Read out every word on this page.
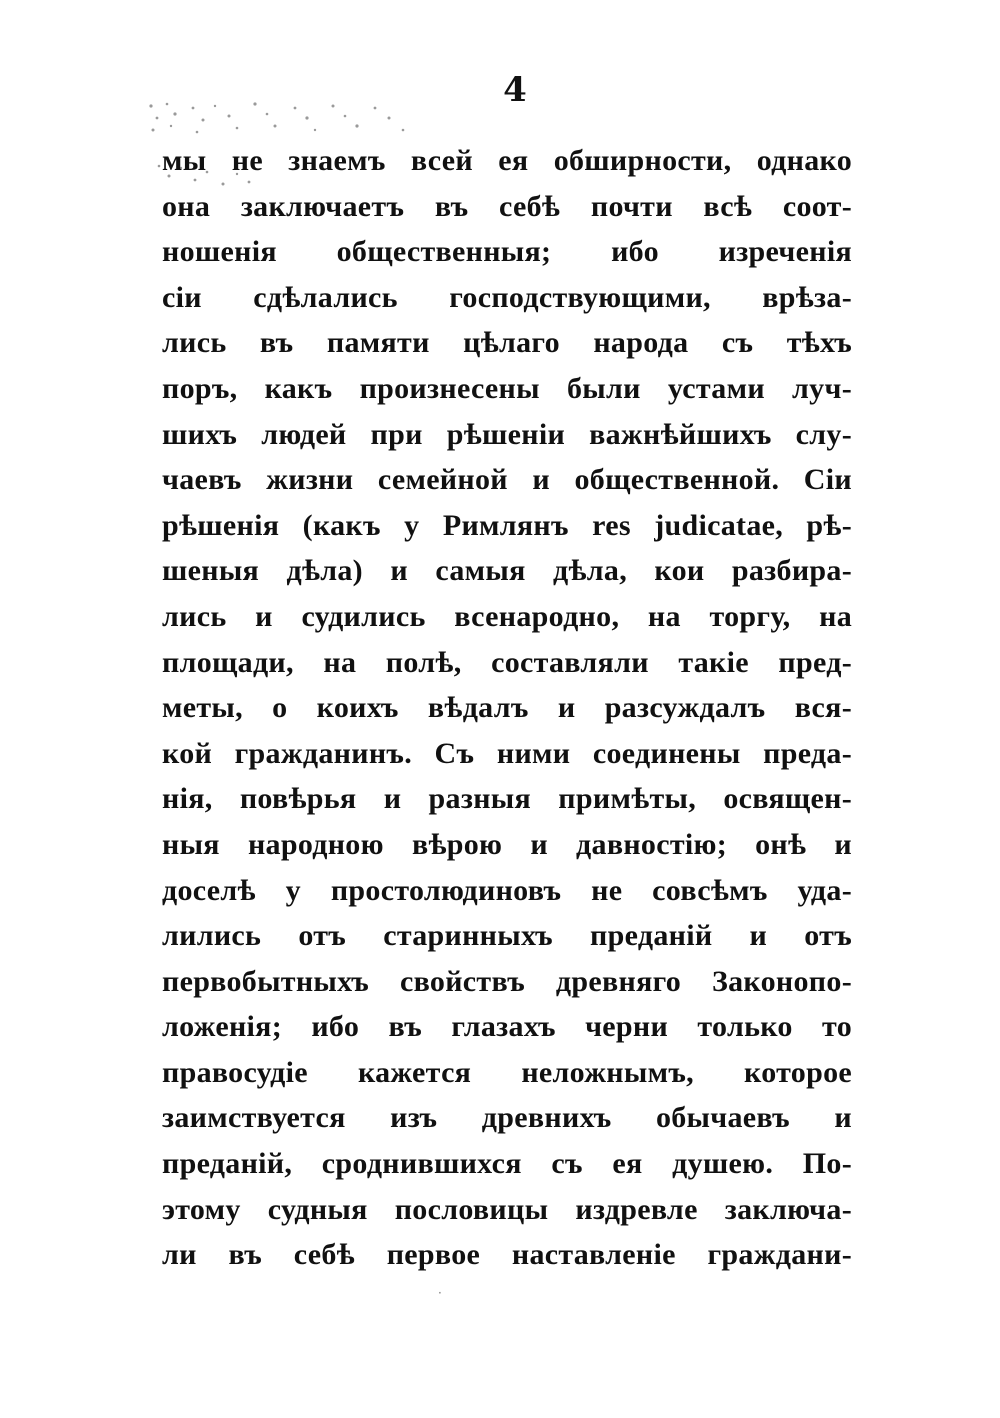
4
мы не знаемъ всей ея обширности, однако
она заключаетъ въ себѣ почти всѣ соот-
ношенія общественныя; ибо изреченія
сіи сдѣлались господствующими, врѣза-
лись въ памяти цѣлаго народа съ тѣхъ
поръ, какъ произнесены были устами луч-
шихъ людей при рѣшеніи важнѣйшихъ слу-
чаевъ жизни семейной и общественной. Сіи
рѣшенія (какъ у Римлянъ res judicatae, рѣ-
шеныя дѣла) и самыя дѣла, кои разбира-
лись и судились всенародно, на торгу, на
площади, на полѣ, составляли такіе пред-
меты, о коихъ вѣдалъ и разсуждалъ вся-
кой гражданинъ. Съ ними соединены преда-
нія, повѣрья и разныя примѣты, освящен-
ныя народною вѣрою и давностію; онѣ и
доселѣ у простолюдиновъ не совсѣмъ уда-
лились отъ старинныхъ преданій и отъ
первобытныхъ свойствъ древняго Законопо-
ложенія; ибо въ глазахъ черни только то
правосудіе кажется неложнымъ, которое
заимствуется изъ древнихъ обычаевъ и
преданій, сроднившихся съ ея душею. По-
этому судныя пословицы издревле заключа-
ли въ себѣ первое наставленіе граждани-
·
